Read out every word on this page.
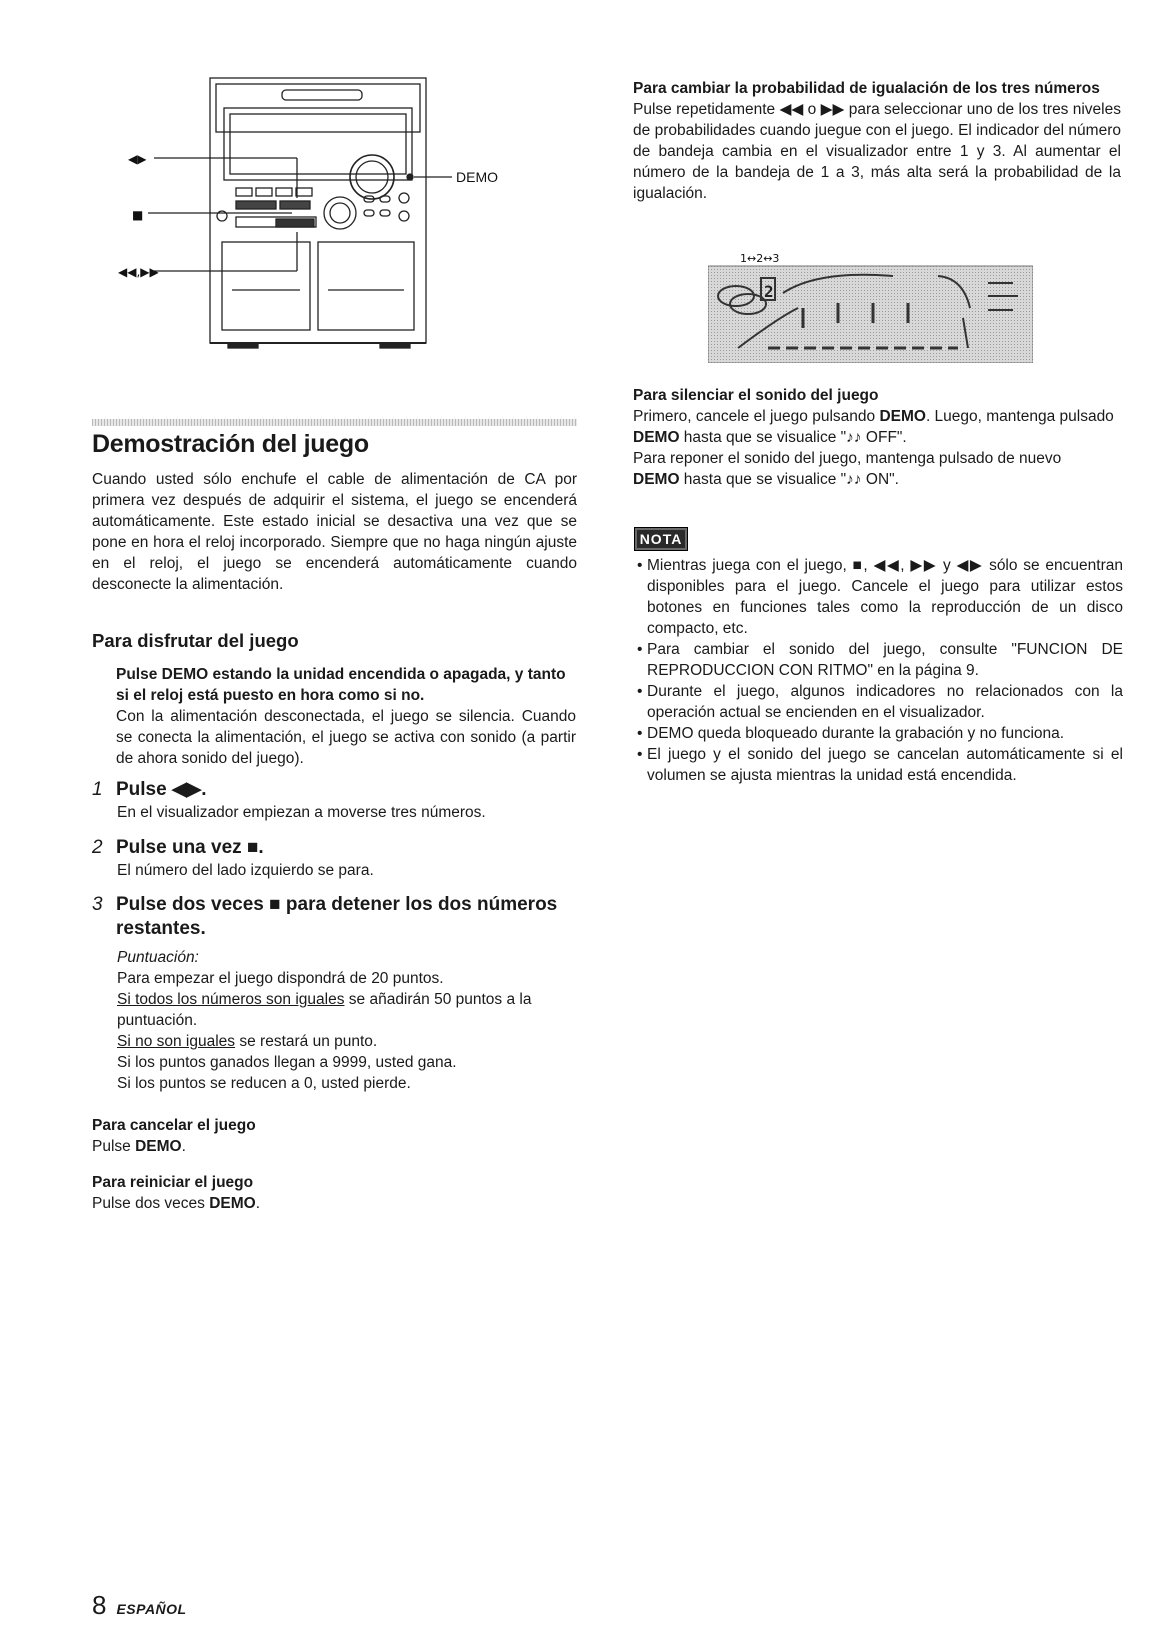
◀▶
■
◀◀,▶▶
DEMO
Demostración del juego

Cuando usted sólo enchufe el cable de alimentación de CA por primera vez después de adquirir el sistema, el juego se encenderá automáticamente. Este estado inicial se desactiva una vez que se pone en hora el reloj incorporado. Siempre que no haga ningún ajuste en el reloj, el juego se encenderá automáticamente cuando desconecte la alimentación.

Para disfrutar del juego

Pulse DEMO estando la unidad encendida o apagada, y tanto si el reloj está puesto en hora como si no.

Con la alimentación desconectada, el juego se silencia. Cuando se conecta la alimentación, el juego se activa con sonido (a partir de ahora sonido del juego).

1 Pulse ◀▶.

En el visualizador empiezan a moverse tres números.

2 Pulse una vez ■.

El número del lado izquierdo se para.

3 Pulse dos veces ■ para detener los dos números restantes.

Puntuación:

Para empezar el juego dispondrá de 20 puntos.

Si todos los números son iguales se añadirán 50 puntos a la puntuación.

Si no son iguales se restará un punto.

Si los puntos ganados llegan a 9999, usted gana.

Si los puntos se reducen a 0, usted pierde.

Para cancelar el juego

Pulse DEMO.

Para reiniciar el juego

Pulse dos veces DEMO.

Para cambiar la probabilidad de igualación de los tres números

Pulse repetidamente ◀◀ o ▶▶ para seleccionar uno de los tres niveles de probabilidades cuando juegue con el juego. El indicador del número de bandeja cambia en el visualizador entre 1 y 3. Al aumentar el número de la bandeja de 1 a 3, más alta será la probabilidad de la igualación.

1↔2↔3
2

Para silenciar el sonido del juego

Primero, cancele el juego pulsando DEMO. Luego, mantenga pulsado

DEMO hasta que se visualice "♪♪ OFF".

Para reponer el sonido del juego, mantenga pulsado de nuevo

DEMO hasta que se visualice "♪♪ ON".

NOTA
• Mientras juega con el juego, ■, ◀◀, ▶▶ y ◀▶ sólo se encuentran disponibles para el juego. Cancele el juego para utilizar estos botones en funciones tales como la reproducción de un disco compacto, etc.
• Para cambiar el sonido del juego, consulte "FUNCION DE REPRODUCCION CON RITMO" en la página 9.
• Durante el juego, algunos indicadores no relacionados con la operación actual se encienden en el visualizador.
• DEMO queda bloqueado durante la grabación y no funciona.
• El juego y el sonido del juego se cancelan automáticamente si el volumen se ajusta mientras la unidad está encendida.
8 ESPAÑOL
